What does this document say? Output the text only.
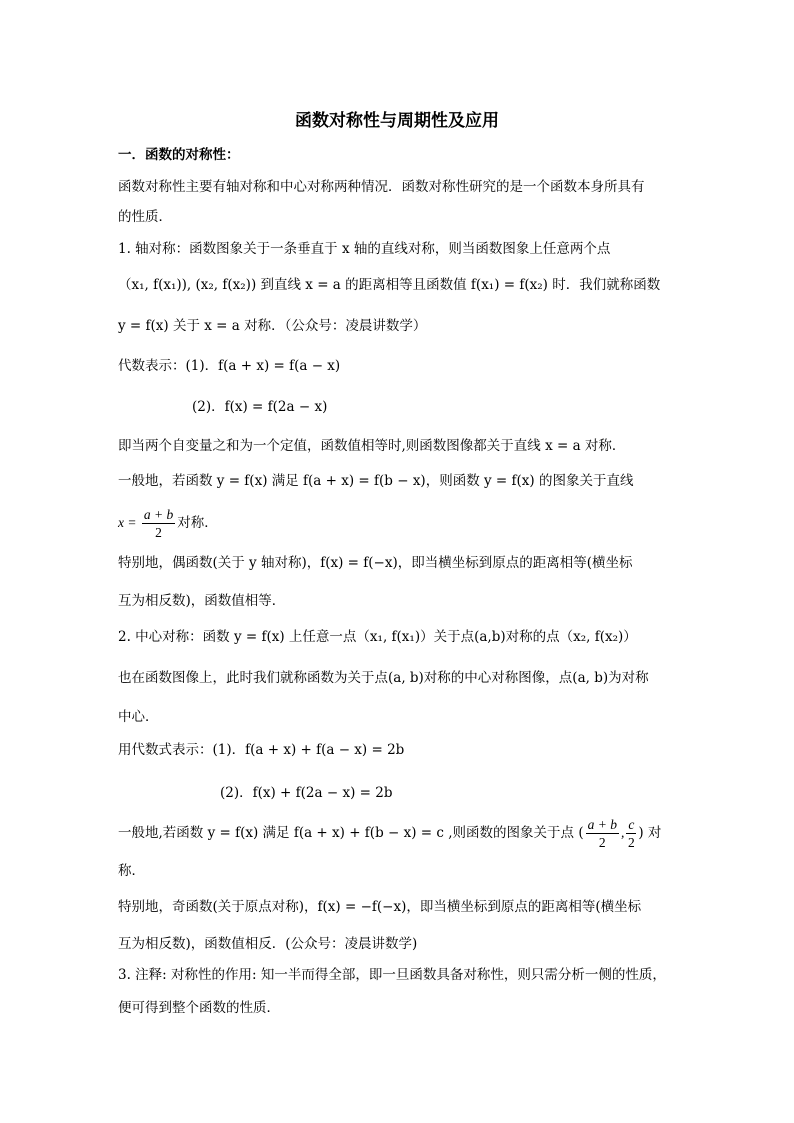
函数对称性与周期性及应用
一．函数的对称性：
函数对称性主要有轴对称和中心对称两种情况．函数对称性研究的是一个函数本身所具有
的性质．
1. 轴对称：函数图象关于一条垂直于 x 轴的直线对称，则当函数图象上任意两个点
（x₁, f(x₁)), (x₂, f(x₂)) 到直线 x = a 的距离相等且函数值 f(x₁) = f(x₂) 时．我们就称函数
y = f(x) 关于 x = a 对称．（公众号：凌晨讲数学）
代数表示：(1)．f(a + x) = f(a − x)
(2)．f(x) = f(2a − x)
即当两个自变量之和为一个定值，函数值相等时,则函数图像都关于直线 x = a 对称．
一般地，若函数 y = f(x) 满足 f(a + x) = f(b − x)，则函数 y = f(x) 的图象关于直线
$x = \frac{a + b}{2}$ 对称．
特别地，偶函数(关于 y 轴对称)，f(x) = f(−x)，即当横坐标到原点的距离相等(横坐标
互为相反数)，函数值相等．
2. 中心对称：函数 y = f(x) 上任意一点（x₁, f(x₁)）关于点(a,b)对称的点（x₂, f(x₂)）
也在函数图像上，此时我们就称函数为关于点(a, b)对称的中心对称图像，点(a, b)为对称
中心．
用代数式表示：(1)．f(a + x) + f(a − x) = 2b
(2)．f(x) + f(2a − x) = 2b
一般地,若函数 y = f(x) 满足 f(a + x) + f(b − x) = c ,则函数的图象关于点 ( $\frac{a + b}{2}$ , $\frac{c}{2}$ ) 对
称．
特别地，奇函数(关于原点对称)，f(x) = −f(−x)，即当横坐标到原点的距离相等(横坐标
互为相反数)，函数值相反．(公众号：凌晨讲数学)
3. 注释: 对称性的作用: 知一半而得全部，即一旦函数具备对称性，则只需分析一侧的性质，
便可得到整个函数的性质．
